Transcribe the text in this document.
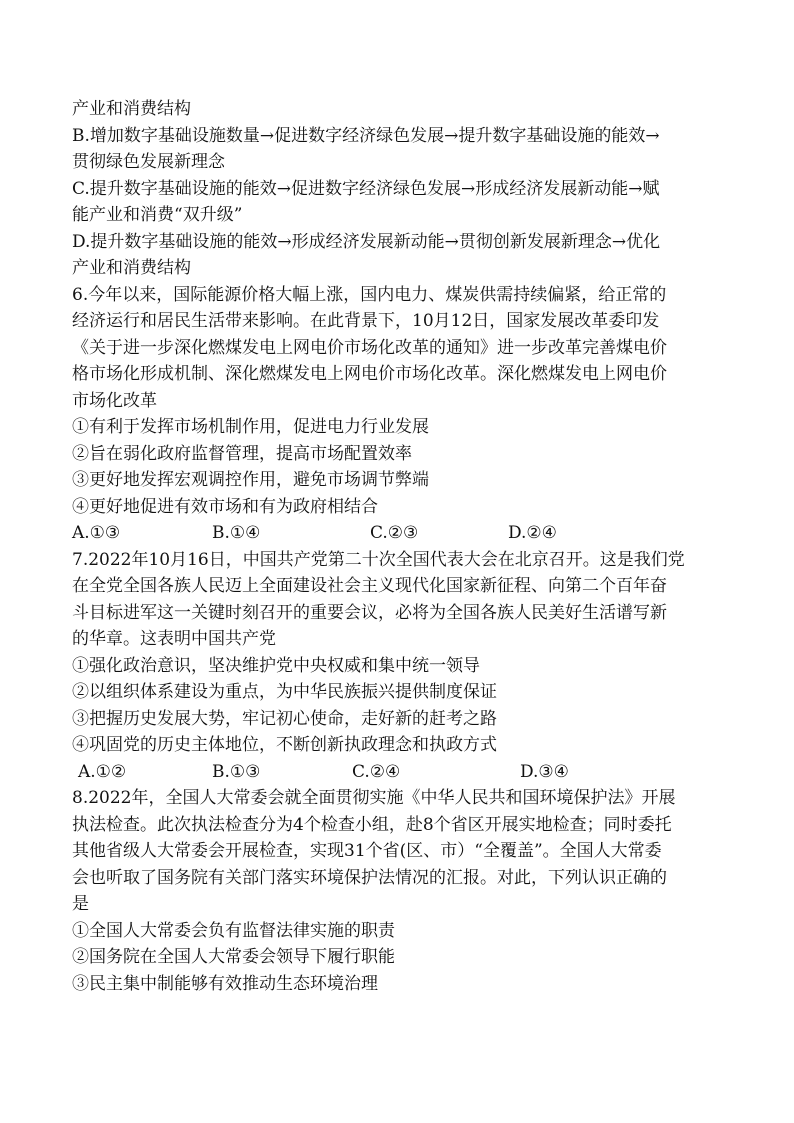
产业和消费结构
B.增加数字基础设施数量→促进数字经济绿色发展→提升数字基础设施的能效→
贯彻绿色发展新理念
C.提升数字基础设施的能效→促进数字经济绿色发展→形成经济发展新动能→赋
能产业和消费“双升级”
D.提升数字基础设施的能效→形成经济发展新动能→贯彻创新发展新理念→优化
产业和消费结构
6.今年以来，国际能源价格大幅上涨，国内电力、煤炭供需持续偏紧，给正常的
经济运行和居民生活带来影响。在此背景下，10月12日，国家发展改革委印发
《关于进一步深化燃煤发电上网电价市场化改革的通知》进一步改革完善煤电价
格市场化形成机制、深化燃煤发电上网电价市场化改革。深化燃煤发电上网电价
市场化改革
①有利于发挥市场机制作用，促进电力行业发展
②旨在弱化政府监督管理，提高市场配置效率
③更好地发挥宏观调控作用，避免市场调节弊端
④更好地促进有效市场和有为政府相结合
A.①③	B.①④	C.②③	D.②④
7.2022年10月16日，中国共产党第二十次全国代表大会在北京召开。这是我们党
在全党全国各族人民迈上全面建设社会主义现代化国家新征程、向第二个百年奋
斗目标进军这一关键时刻召开的重要会议，必将为全国各族人民美好生活谱写新
的华章。这表明中国共产党
①强化政治意识，坚决维护党中央权威和集中统一领导
②以组织体系建设为重点，为中华民族振兴提供制度保证
③把握历史发展大势，牢记初心使命，走好新的赶考之路
④巩固党的历史主体地位，不断创新执政理念和执政方式
A.①②	B.①③	C.②④	D.③④
8.2022年，全国人大常委会就全面贯彻实施《中华人民共和国环境保护法》开展
执法检查。此次执法检查分为4个检查小组，赴8个省区开展实地检查；同时委托
其他省级人大常委会开展检查，实现31个省(区、市）“全覆盖”。全国人大常委
会也听取了国务院有关部门落实环境保护法情况的汇报。对此，下列认识正确的
是
①全国人大常委会负有监督法律实施的职责
②国务院在全国人大常委会领导下履行职能
③民主集中制能够有效推动生态环境治理
